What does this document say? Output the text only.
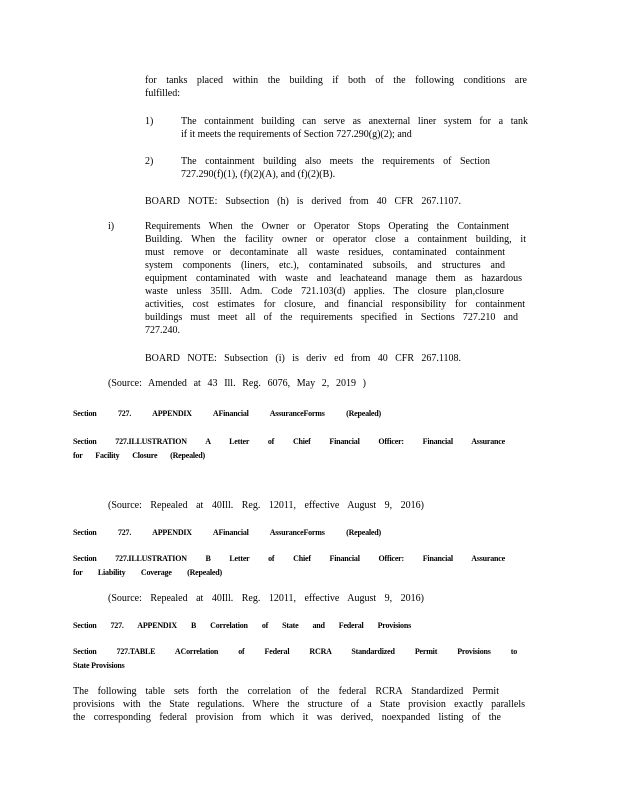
for tanks placed within the building if both of the following conditions are
fulfilled:
1)	The containment building can serve as anexternal liner system for a tank
if it meets the requirements of Section 727.290(g)(2); and
2)	The containment building also meets the requirements of Section
727.290(f)(1), (f)(2)(A), and (f)(2)(B).
BOARD NOTE: Subsection (h) is derived from 40 CFR 267.1107.
i)	Requirements When the Owner or Operator Stops Operating the Containment
Building. When the facility owner or operator close a containment building, it
must remove or decontaminate all waste residues, contaminated containment
system components (liners, etc.), contaminated subsoils, and structures and
equipment contaminated with waste and leachateand manage them as hazardous
waste unless 35Ill. Adm. Code 721.103(d) applies. The closure plan,closure
activities, cost estimates for closure, and financial responsibility for containment
buildings must meet all of the requirements specified in Sections 727.210 and
727.240.
BOARD NOTE: Subsection (i) is deriv ed from 40 CFR 267.1108.
(Source: Amended at 43 Ill. Reg. 6076, May 2, 2019 )
Section 727. APPENDIX AFinancial AssuranceForms (Repealed)
Section 727.ILLUSTRATION A Letter of Chief Financial Officer: Financial Assurance
for Facility Closure (Repealed)
(Source: Repealed at 40Ill. Reg. 12011, effective August 9, 2016)
Section 727. APPENDIX AFinancial AssuranceForms (Repealed)
Section 727.ILLUSTRATION B Letter of Chief Financial Officer: Financial Assurance
for Liability Coverage (Repealed)
(Source: Repealed at 40Ill. Reg. 12011, effective August 9, 2016)
Section 727. APPENDIX B Correlation of State and Federal Provisions
Section 727.TABLE ACorrelation of Federal RCRA Standardized Permit Provisions to
State Provisions
The following table sets forth the correlation of the federal RCRA Standardized Permit
provisions with the State regulations. Where the structure of a State provision exactly parallels
the corresponding federal provision from which it was derived, noexpanded listing of the
